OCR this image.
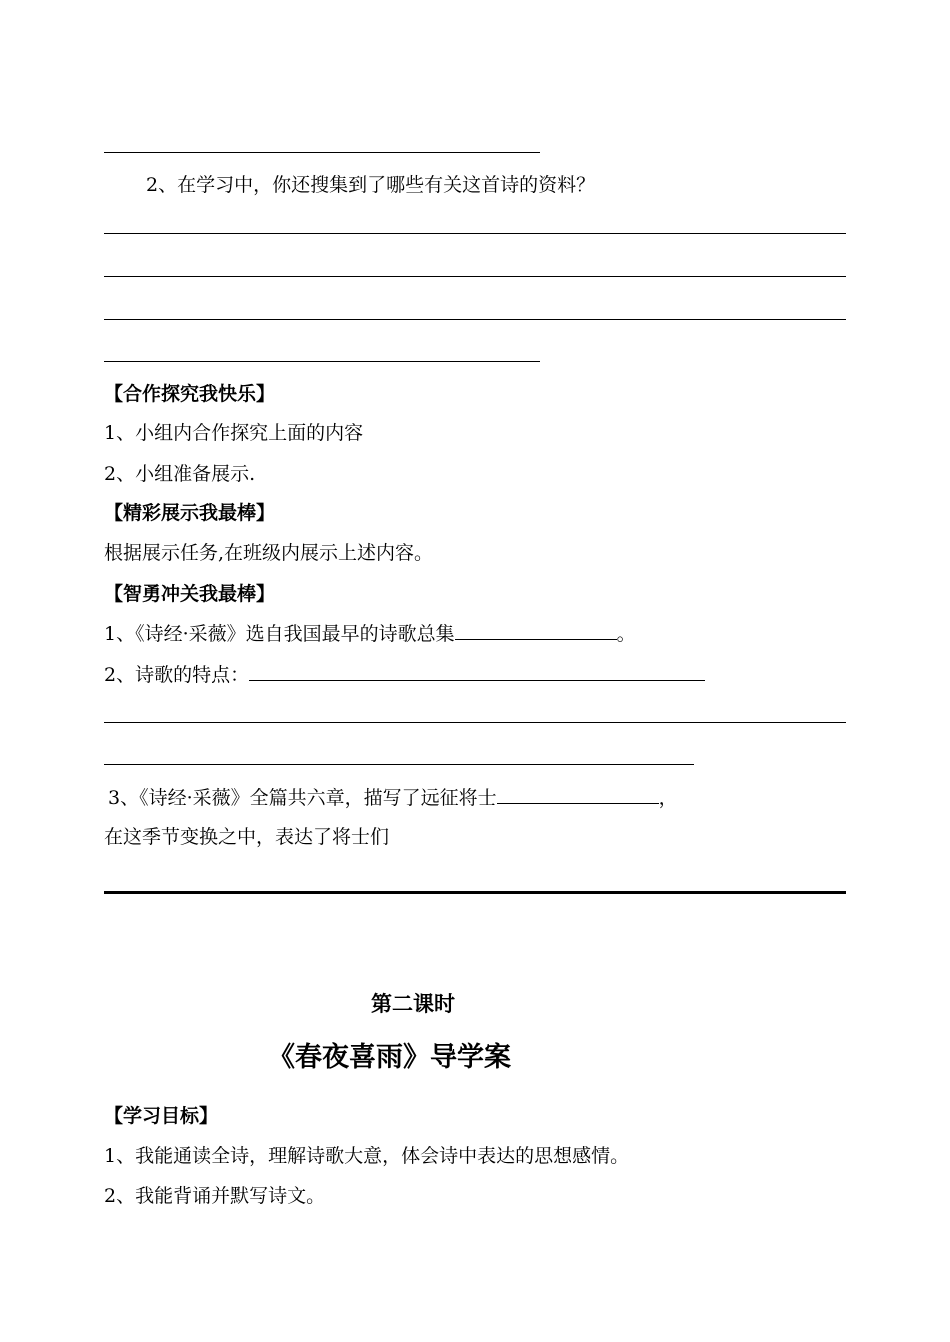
2、在学习中，你还搜集到了哪些有关这首诗的资料？
【合作探究我快乐】
1、小组内合作探究上面的内容
2、小组准备展示.
【精彩展示我最棒】
根据展示任务,在班级内展示上述内容。
【智勇冲关我最棒】
1、《诗经·采薇》选自我国最早的诗歌总集	。
2、诗歌的特点：
3、《诗经·采薇》全篇共六章，描写了远征将士	，
在这季节变换之中，表达了将士们
第二课时
《春夜喜雨》导学案
【学习目标】
1、我能通读全诗，理解诗歌大意，体会诗中表达的思想感情。
2、我能背诵并默写诗文。
